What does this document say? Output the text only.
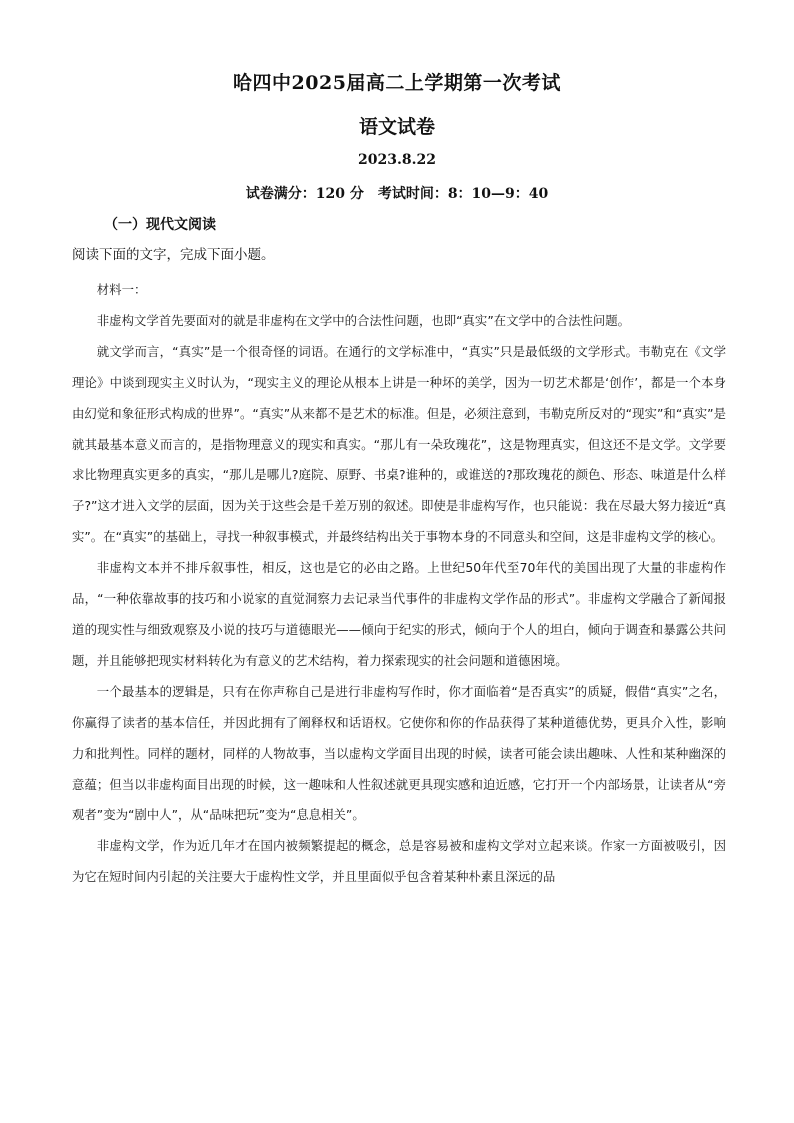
哈四中2025届高二上学期第一次考试
语文试卷
2023.8.22
试卷满分：120 分　考试时间：8：10—9：40
（一）现代文阅读
阅读下面的文字，完成下面小题。

材料一：

非虚构文学首先要面对的就是非虚构在文学中的合法性问题，也即“真实”在文学中的合法性问题。

就文学而言，“真实”是一个很奇怪的词语。在通行的文学标准中，“真实”只是最低级的文学形式。韦勒克在《文学理论》中谈到现实主义时认为，“现实主义的理论从根本上讲是一种坏的美学，因为一切艺术都是‘创作’，都是一个本身由幻觉和象征形式构成的世界”。“真实”从来都不是艺术的标准。但是，必须注意到，韦勒克所反对的“现实”和“真实”是就其最基本意义而言的，是指物理意义的现实和真实。“那儿有一朵玫瑰花”，这是物理真实，但这还不是文学。文学要求比物理真实更多的真实，“那儿是哪儿?庭院、原野、书桌?谁种的，或谁送的?那玫瑰花的颜色、形态、味道是什么样子?”这才进入文学的层面，因为关于这些会是千差万别的叙述。即使是非虚构写作，也只能说：我在尽最大努力接近“真实”。在“真实”的基础上，寻找一种叙事模式，并最终结构出关于事物本身的不同意头和空间，这是非虚构文学的核心。

非虚构文本并不排斥叙事性，相反，这也是它的必由之路。上世纪50年代至70年代的美国出现了大量的非虚构作品，“一种依靠故事的技巧和小说家的直觉洞察力去记录当代事件的非虚构文学作品的形式”。非虚构文学融合了新闻报道的现实性与细致观察及小说的技巧与道德眼光——倾向于纪实的形式，倾向于个人的坦白，倾向于调查和暴露公共问题，并且能够把现实材料转化为有意义的艺术结构，着力探索现实的社会问题和道德困境。

一个最基本的逻辑是，只有在你声称自己是进行非虚构写作时，你才面临着“是否真实”的质疑，假借“真实”之名，你赢得了读者的基本信任，并因此拥有了阐释权和话语权。它使你和你的作品获得了某种道德优势，更具介入性，影响力和批判性。同样的题材，同样的人物故事，当以虚构文学面目出现的时候，读者可能会读出趣味、人性和某种幽深的意蕴；但当以非虚构面目出现的时候，这一趣味和人性叙述就更具现实感和迫近感，它打开一个内部场景，让读者从“旁观者”变为“剧中人”，从“品味把玩”变为“息息相关”。

非虚构文学，作为近几年才在国内被频繁提起的概念，总是容易被和虚构文学对立起来谈。作家一方面被吸引，因为它在短时间内引起的关注要大于虚构性文学，并且里面似乎包含着某种朴素且深远的品
